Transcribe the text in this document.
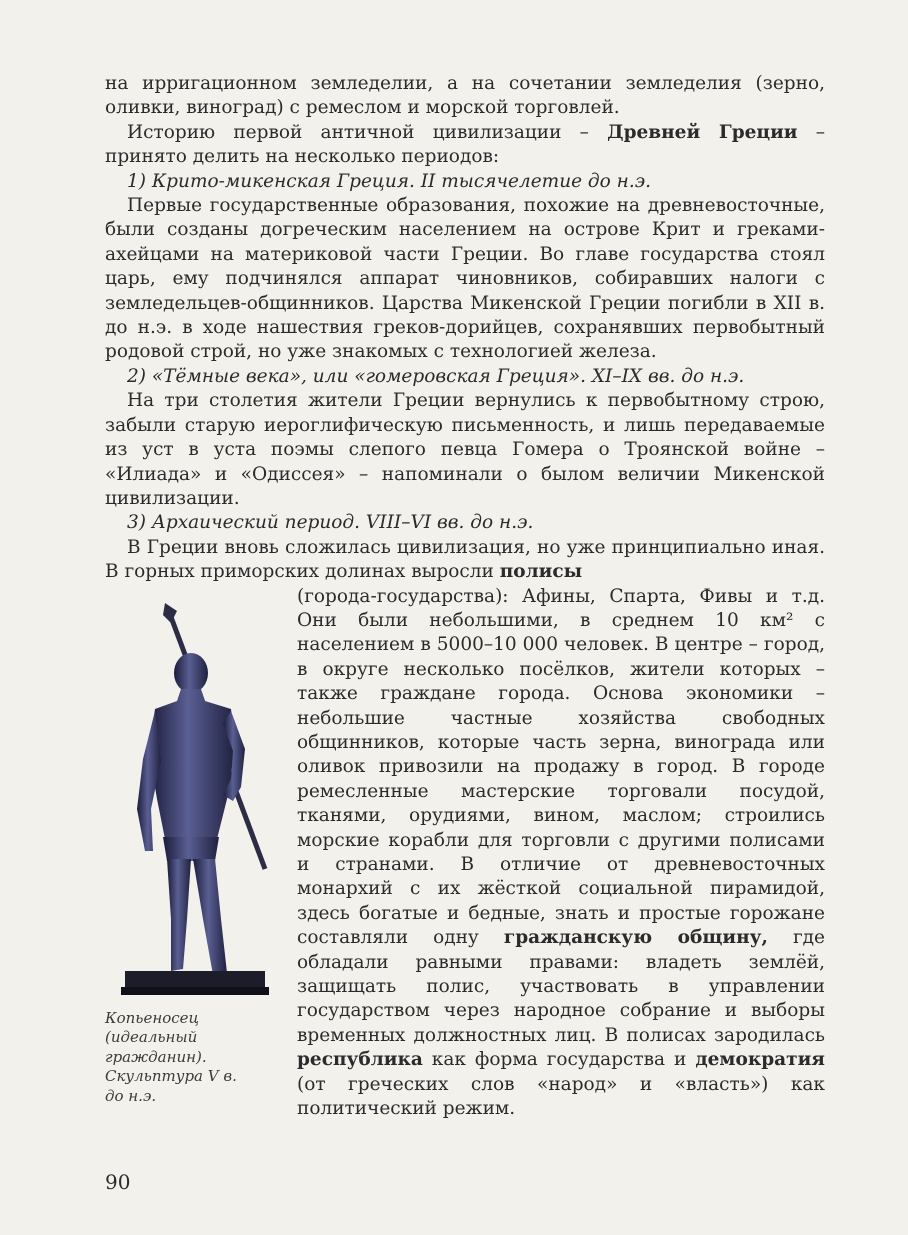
на ирригационном земледелии, а на сочетании земледелия (зерно, оливки, виноград) с ремеслом и морской торговлей.

Историю первой античной цивилизации – Древней Греции – принято делить на несколько периодов:

1) Крито-микенская Греция. II тысячелетие до н.э.

Первые государственные образования, похожие на древневосточные, были созданы догреческим населением на острове Крит и греками-ахейцами на материковой части Греции. Во главе государства стоял царь, ему подчинялся аппарат чиновников, собиравших налоги с земледельцев-общинников. Царства Микенской Греции погибли в XII в. до н.э. в ходе нашествия греков-дорийцев, сохранявших первобытный родовой строй, но уже знакомых с технологией железа.

2) «Тёмные века», или «гомеровская Греция». XI–IX вв. до н.э.

На три столетия жители Греции вернулись к первобытному строю, забыли старую иероглифическую письменность, и лишь передаваемые из уст в уста поэмы слепого певца Гомера о Троянской войне – «Илиада» и «Одиссея» – напоминали о былом величии Микенской цивилизации.

3) Архаический период. VIII–VI вв. до н.э.

В Греции вновь сложилась цивилизация, но уже принципиально иная. В горных приморских долинах выросли полисы

Копьеносец (идеальный гражданин). Скульптура V в. до н.э.

(города-государства): Афины, Спарта, Фивы и т.д. Они были небольшими, в среднем 10 км² с населением в 5000–10 000 человек. В центре – город, в округе несколько посёлков, жители которых – также граждане города. Основа экономики – небольшие частные хозяйства свободных общинников, которые часть зерна, винограда или оливок привозили на продажу в город. В городе ремесленные мастерские торговали посудой, тканями, орудиями, вином, маслом; строились морские корабли для торговли с другими полисами и странами. В отличие от древневосточных монархий с их жёсткой социальной пирамидой, здесь богатые и бедные, знать и простые горожане составляли одну гражданскую общину, где обладали равными правами: владеть землёй, защищать полис, участвовать в управлении государством через народное собрание и выборы временных должностных лиц. В полисах зародилась республика как форма государства и демократия (от греческих слов «народ» и «власть») как политический режим.

90
